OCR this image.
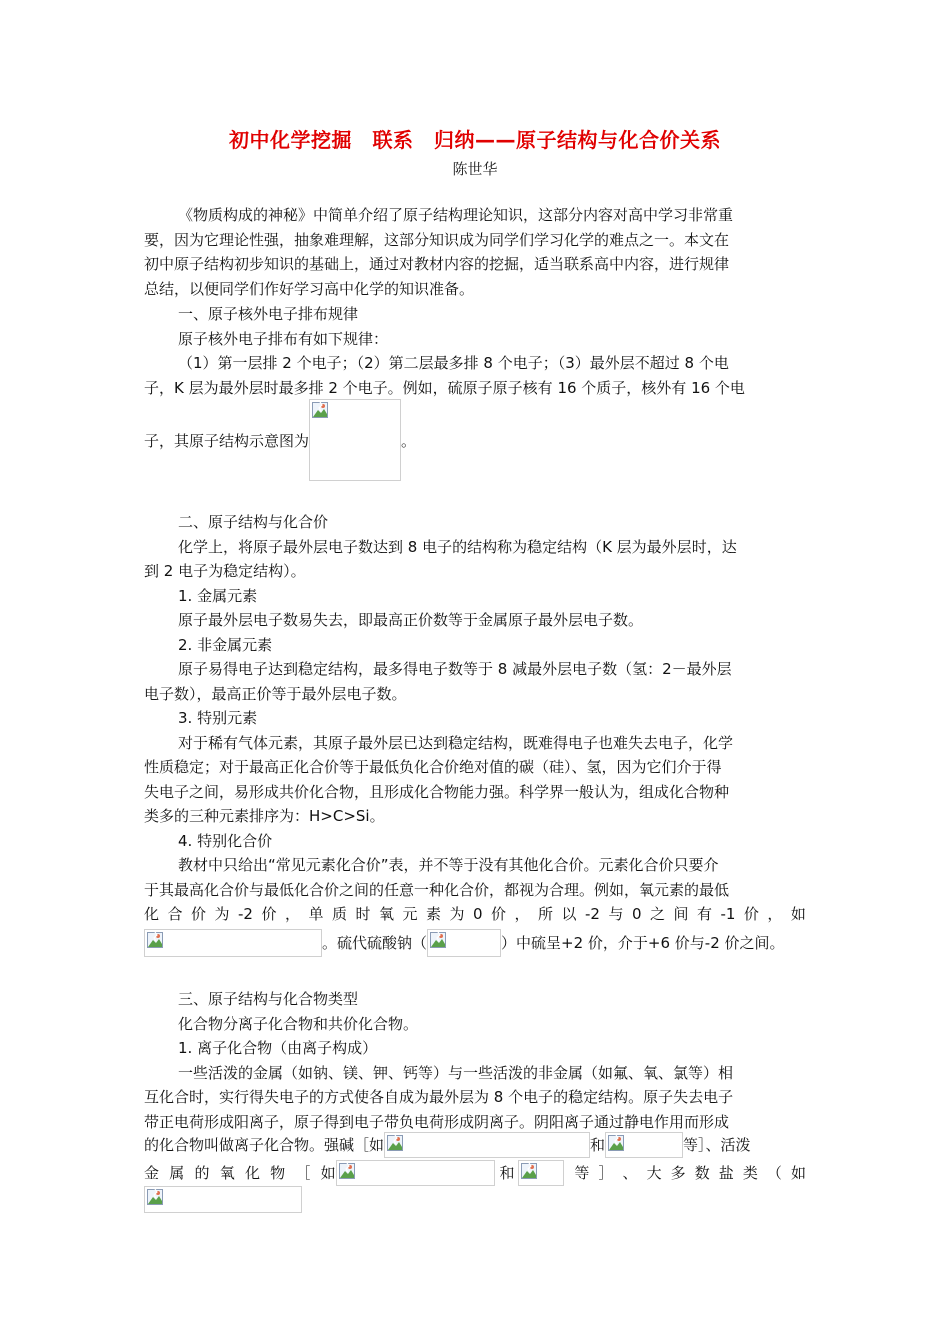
初中化学挖掘　联系　归纳——原子结构与化合价关系
陈世华
《物质构成的神秘》中简单介绍了原子结构理论知识，这部分内容对高中学习非常重
要，因为它理论性强，抽象难理解，这部分知识成为同学们学习化学的难点之一。本文在
初中原子结构初步知识的基础上，通过对教材内容的挖掘，适当联系高中内容，进行规律
总结，以便同学们作好学习高中化学的知识准备。
一、原子核外电子排布规律
原子核外电子排布有如下规律：
（1）第一层排 2 个电子；（2）第二层最多排 8 个电子；（3）最外层不超过 8 个电
子，K 层为最外层时最多排 2 个电子。例如，硫原子原子核有 16 个质子，核外有 16 个电
子，其原子结构示意图为	。
二、原子结构与化合价
化学上，将原子最外层电子数达到 8 电子的结构称为稳定结构（K 层为最外层时，达
到 2 电子为稳定结构）。
1. 金属元素
原子最外层电子数易失去，即最高正价数等于金属原子最外层电子数。
2. 非金属元素
原子易得电子达到稳定结构，最多得电子数等于 8 减最外层电子数（氢：2－最外层
电子数），最高正价等于最外层电子数。
3. 特别元素
对于稀有气体元素，其原子最外层已达到稳定结构，既难得电子也难失去电子，化学
性质稳定；对于最高正化合价等于最低负化合价绝对值的碳（硅）、氢，因为它们介于得
失电子之间，易形成共价化合物，且形成化合物能力强。科学界一般认为，组成化合物种
类多的三种元素排序为：H>C>Si。
4. 特别化合价
教材中只给出“常见元素化合价”表，并不等于没有其他化合价。元素化合价只要介
于其最高化合价与最低化合价之间的任意一种化合价，都视为合理。例如，氧元素的最低
化 合 价 为 -2 价 ， 单 质 时 氧 元 素 为 0 价 ， 所 以 -2 与 0 之 间 有 -1 价 ， 如
。硫代硫酸钠（	）中硫呈+2 价，介于+6 价与-2 价之间。
三、原子结构与化合物类型
化合物分离子化合物和共价化合物。
1. 离子化合物（由离子构成）
一些活泼的金属（如钠、镁、钾、钙等）与一些活泼的非金属（如氟、氧、氯等）相
互化合时，实行得失电子的方式使各自成为最外层为 8 个电子的稳定结构。原子失去电子
带正电荷形成阳离子，原子得到电子带负电荷形成阴离子。阴阳离子通过静电作用而形成
的化合物叫做离子化合物。强碱［如	和	等］、活泼
金 属 的 氧 化 物 ［ 如	和	等 ］ 、 大 多 数 盐 类 （ 如
